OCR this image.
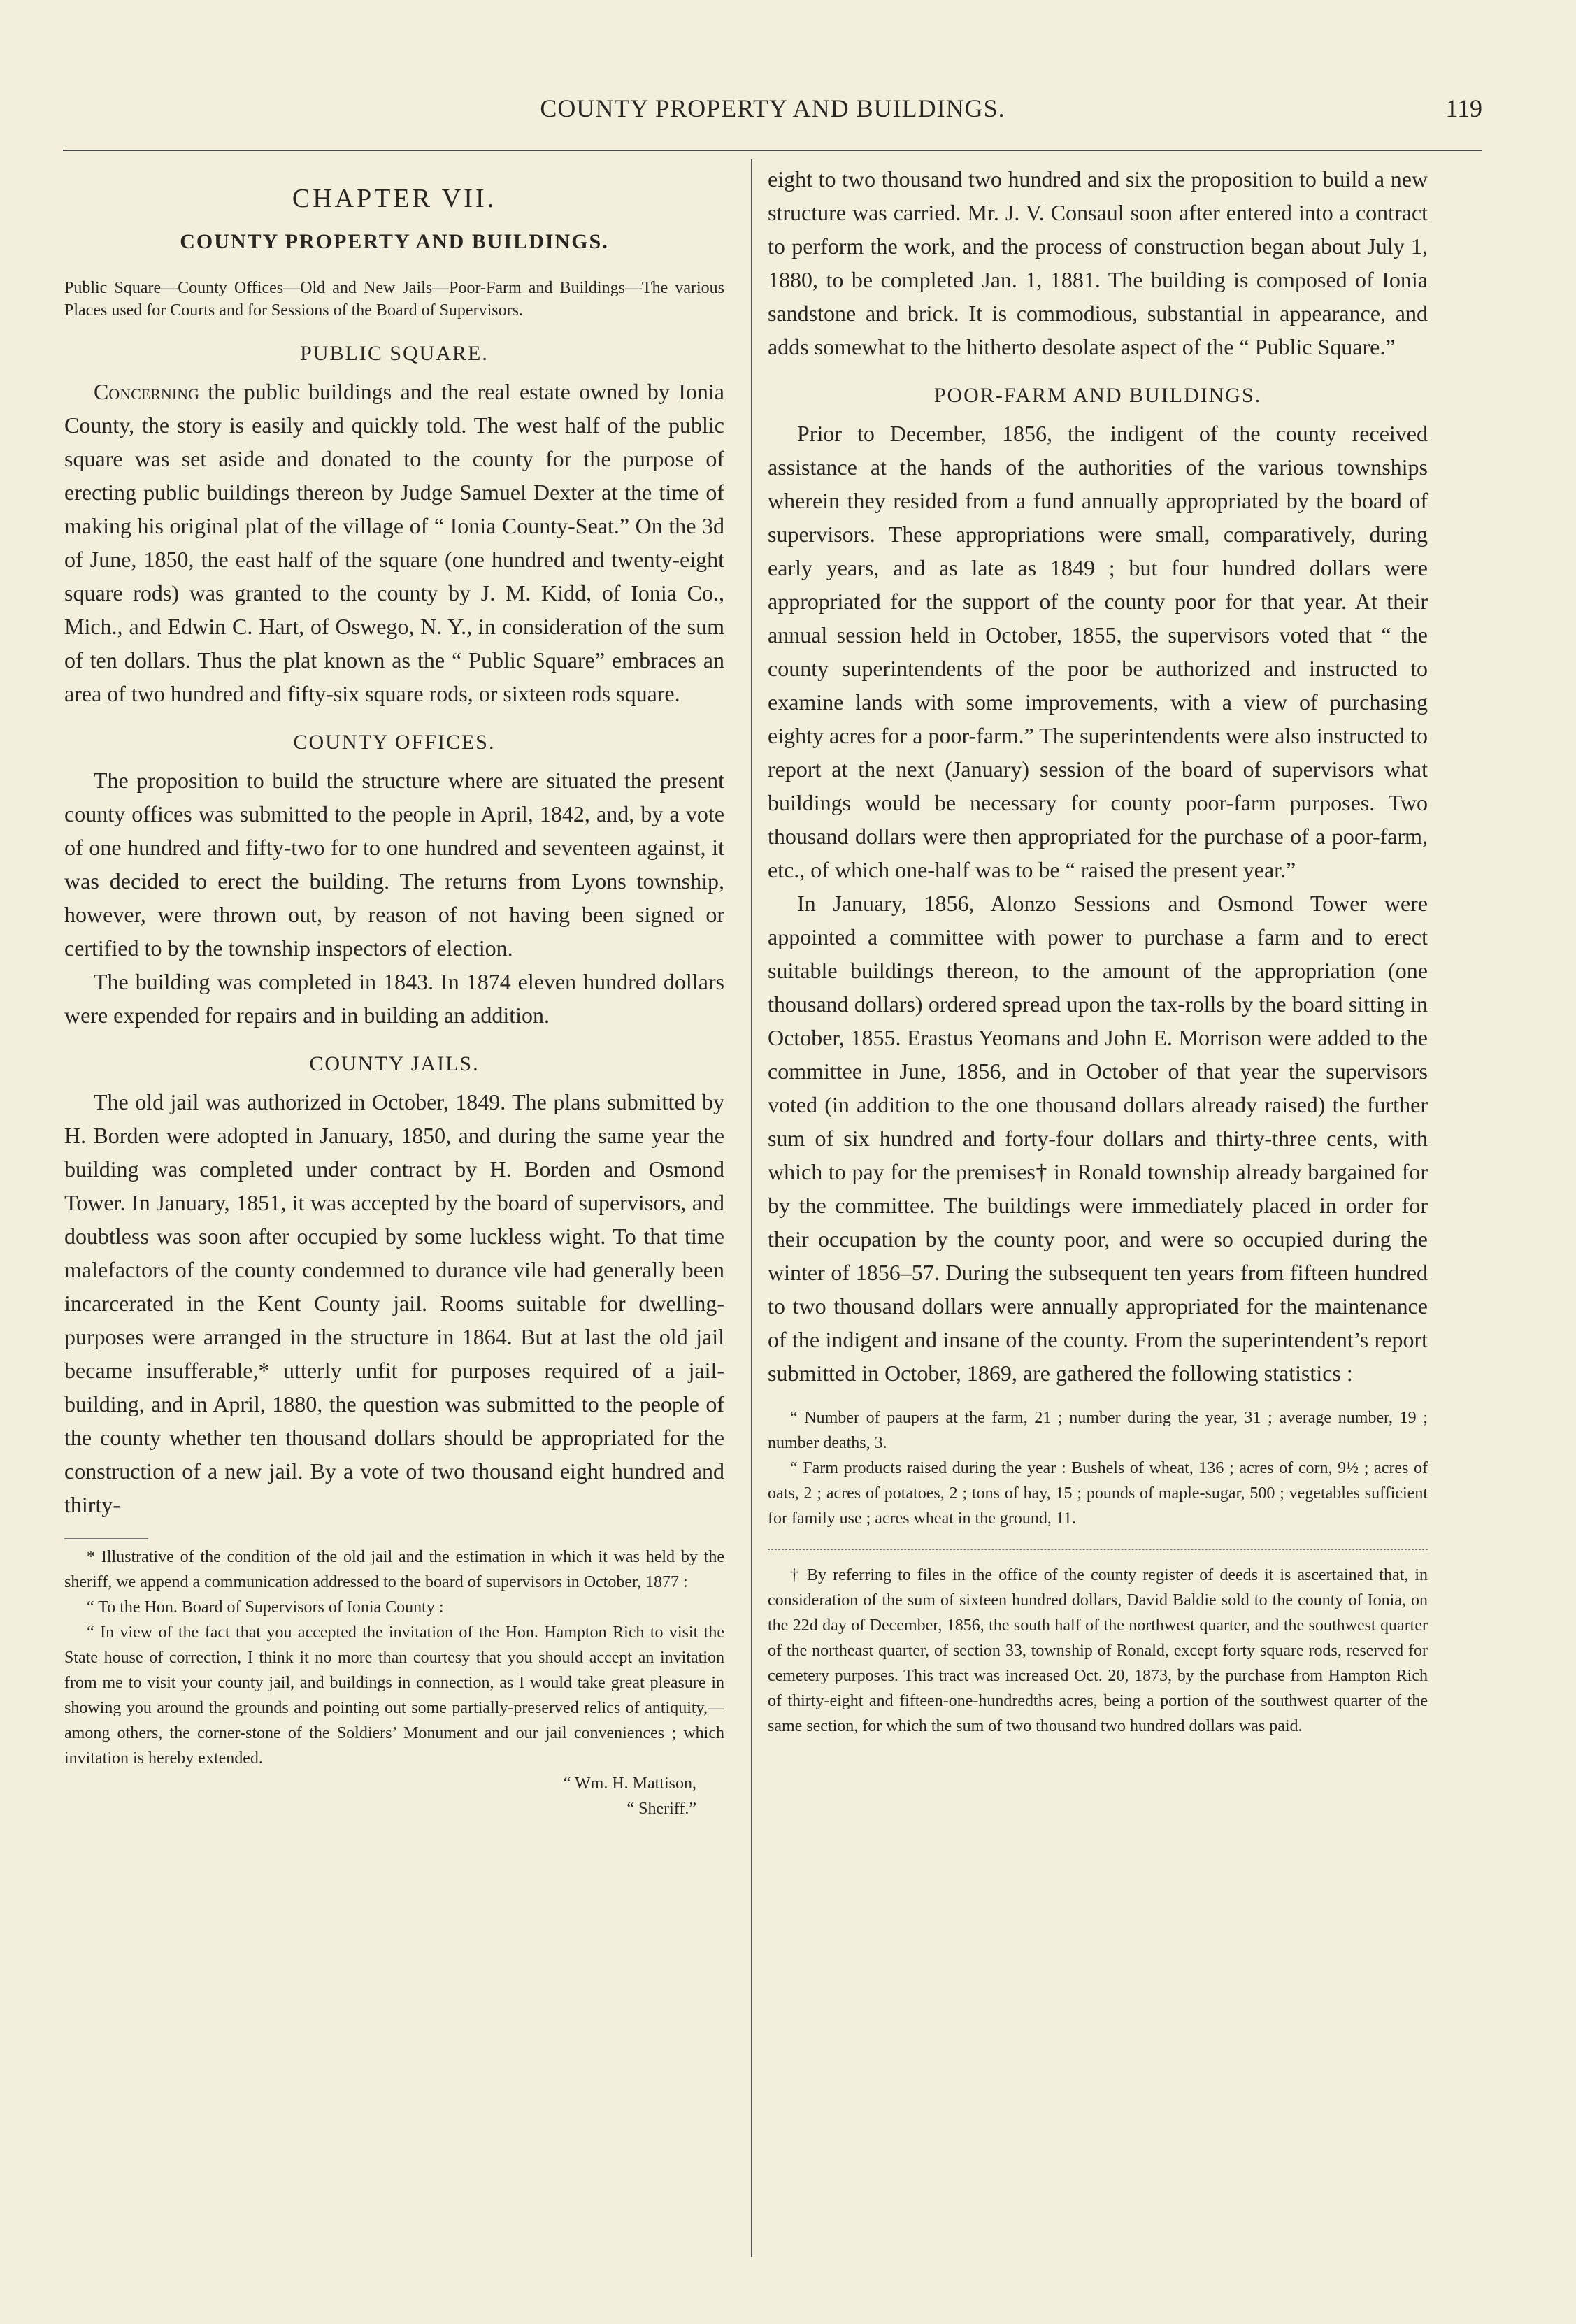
COUNTY PROPERTY AND BUILDINGS.	119
CHAPTER VII.
COUNTY PROPERTY AND BUILDINGS.

Public Square—County Offices—Old and New Jails—Poor-Farm and Buildings—The various Places used for Courts and for Sessions of the Board of Supervisors.

PUBLIC SQUARE.

Concerning the public buildings and the real estate owned by Ionia County, the story is easily and quickly told. The west half of the public square was set aside and donated to the county for the purpose of erecting public buildings thereon by Judge Samuel Dexter at the time of making his original plat of the village of “ Ionia County-Seat.” On the 3d of June, 1850, the east half of the square (one hundred and twenty-eight square rods) was granted to the county by J. M. Kidd, of Ionia Co., Mich., and Edwin C. Hart, of Oswego, N. Y., in consideration of the sum of ten dollars. Thus the plat known as the “ Public Square” embraces an area of two hundred and fifty-six square rods, or sixteen rods square.

COUNTY OFFICES.

The proposition to build the structure where are situated the present county offices was submitted to the people in April, 1842, and, by a vote of one hundred and fifty-two for to one hundred and seventeen against, it was decided to erect the building. The returns from Lyons township, however, were thrown out, by reason of not having been signed or certified to by the township inspectors of election.

The building was completed in 1843. In 1874 eleven hundred dollars were expended for repairs and in building an addition.

COUNTY JAILS.

The old jail was authorized in October, 1849. The plans submitted by H. Borden were adopted in January, 1850, and during the same year the building was completed under contract by H. Borden and Osmond Tower. In January, 1851, it was accepted by the board of supervisors, and doubtless was soon after occupied by some luckless wight. To that time malefactors of the county condemned to durance vile had generally been incarcerated in the Kent County jail. Rooms suitable for dwelling-purposes were arranged in the structure in 1864. But at last the old jail became insufferable,* utterly unfit for purposes required of a jail-building, and in April, 1880, the question was submitted to the people of the county whether ten thousand dollars should be appropriated for the construction of a new jail. By a vote of two thousand eight hundred and thirty-

* Illustrative of the condition of the old jail and the estimation in which it was held by the sheriff, we append a communication addressed to the board of supervisors in October, 1877 :

“ To the Hon. Board of Supervisors of Ionia County :

“ In view of the fact that you accepted the invitation of the Hon. Hampton Rich to visit the State house of correction, I think it no more than courtesy that you should accept an invitation from me to visit your county jail, and buildings in connection, as I would take great pleasure in showing you around the grounds and pointing out some partially-preserved relics of antiquity,—among others, the corner-stone of the Soldiers’ Monument and our jail conveniences ; which invitation is hereby extended.

“ Wm. H. Mattison,
“ Sheriff.”

eight to two thousand two hundred and six the proposition to build a new structure was carried. Mr. J. V. Consaul soon after entered into a contract to perform the work, and the process of construction began about July 1, 1880, to be completed Jan. 1, 1881. The building is composed of Ionia sandstone and brick. It is commodious, substantial in appearance, and adds somewhat to the hitherto desolate aspect of the “ Public Square.”

POOR-FARM AND BUILDINGS.

Prior to December, 1856, the indigent of the county received assistance at the hands of the authorities of the various townships wherein they resided from a fund annually appropriated by the board of supervisors. These appropriations were small, comparatively, during early years, and as late as 1849 ; but four hundred dollars were appropriated for the support of the county poor for that year. At their annual session held in October, 1855, the supervisors voted that “ the county superintendents of the poor be authorized and instructed to examine lands with some improvements, with a view of purchasing eighty acres for a poor-farm.” The superintendents were also instructed to report at the next (January) session of the board of supervisors what buildings would be necessary for county poor-farm purposes. Two thousand dollars were then appropriated for the purchase of a poor-farm, etc., of which one-half was to be “ raised the present year.”

In January, 1856, Alonzo Sessions and Osmond Tower were appointed a committee with power to purchase a farm and to erect suitable buildings thereon, to the amount of the appropriation (one thousand dollars) ordered spread upon the tax-rolls by the board sitting in October, 1855. Erastus Yeomans and John E. Morrison were added to the committee in June, 1856, and in October of that year the supervisors voted (in addition to the one thousand dollars already raised) the further sum of six hundred and forty-four dollars and thirty-three cents, with which to pay for the premises† in Ronald township already bargained for by the committee. The buildings were immediately placed in order for their occupation by the county poor, and were so occupied during the winter of 1856–57. During the subsequent ten years from fifteen hundred to two thousand dollars were annually appropriated for the maintenance of the indigent and insane of the county. From the superintendent’s report submitted in October, 1869, are gathered the following statistics :

“ Number of paupers at the farm, 21 ; number during the year, 31 ; average number, 19 ; number deaths, 3.

“ Farm products raised during the year : Bushels of wheat, 136 ; acres of corn, 9½ ; acres of oats, 2 ; acres of potatoes, 2 ; tons of hay, 15 ; pounds of maple-sugar, 500 ; vegetables sufficient for family use ; acres wheat in the ground, 11.

† By referring to files in the office of the county register of deeds it is ascertained that, in consideration of the sum of sixteen hundred dollars, David Baldie sold to the county of Ionia, on the 22d day of December, 1856, the south half of the northwest quarter, and the southwest quarter of the northeast quarter, of section 33, township of Ronald, except forty square rods, reserved for cemetery purposes. This tract was increased Oct. 20, 1873, by the purchase from Hampton Rich of thirty-eight and fifteen-one-hundredths acres, being a portion of the southwest quarter of the same section, for which the sum of two thousand two hundred dollars was paid.
